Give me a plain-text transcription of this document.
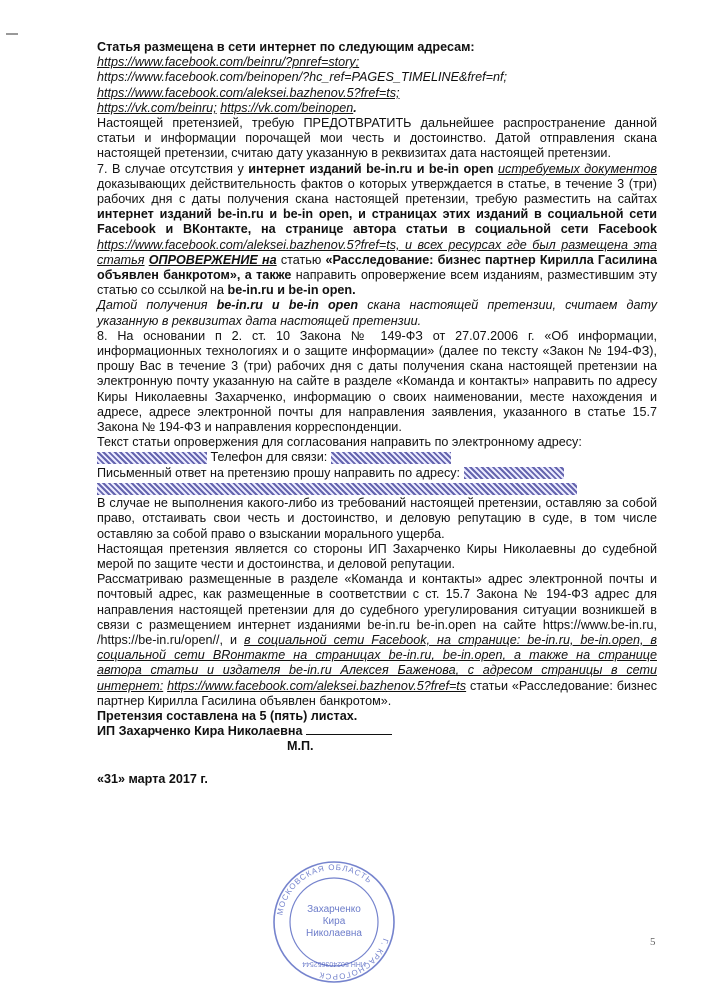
Статья размещена в сети интернет по следующим адресам:

https://www.facebook.com/beinru/?pnref=story;

https://www.facebook.com/beinopen/?hc_ref=PAGES_TIMELINE&fref=nf;

https://www.facebook.com/aleksei.bazhenov.5?fref=ts;

https://vk.com/beinru; https://vk.com/beinopen.

Настоящей претензией, требую ПРЕДОТВРАТИТЬ дальнейшее распространение данной статьи и информации порочащей мои честь и достоинство. Датой отправления скана настоящей претензии, считаю дату указанную в реквизитах дата настоящей претензии.

7. В случае отсутствия у интернет изданий be-in.ru и be-in open истребуемых документов доказывающих действительность фактов о которых утверждается в статье, в течение 3 (три) рабочих дня с даты получения скана настоящей претензии, требую разместить на сайтах интернет изданий be-in.ru и be-in open, и страницах этих изданий в социальной сети Facebook и ВКонтакте, на странице автора статьи в социальной сети Facebook https://www.facebook.com/aleksei.bazhenov.5?fref=ts, и всех ресурсах где был размещена эта статья ОПРОВЕРЖЕНИЕ на статью «Расследование: бизнес партнер Кирилла Гасилина объявлен банкротом», а также направить опровержение всем изданиям, разместившим эту статью со ссылкой на be-in.ru и be-in open.

Датой получения be-in.ru и be-in open скана настоящей претензии, считаем дату указанную в реквизитах дата настоящей претензии.

8. На основании п 2. ст. 10 Закона № 149-ФЗ от 27.07.2006 г. «Об информации, информационных технологиях и о защите информации» (далее по тексту «Закон № 194-ФЗ), прошу Вас в течение 3 (три) рабочих дня с даты получения скана настоящей претензии на электронную почту указанную на сайте в разделе «Команда и контакты» направить по адресу Киры Николаевны Захарченко, информацию о своих наименовании, месте нахождения и адресе, адресе электронной почты для направления заявления, указанного в статье 15.7 Закона № 194-ФЗ и направления корреспонденции.

Текст статьи опровержения для согласования направить по электронному адресу:

Телефон для связи:

Письменный ответ на претензию прошу направить по адресу:

В случае не выполнения какого-либо из требований настоящей претензии, оставляю за собой право, отстаивать свои честь и достоинство, и деловую репутацию в суде, в том числе оставляю за собой право о взыскании морального ущерба.

Настоящая претензия является со стороны ИП Захарченко Киры Николаевны до судебной мерой по защите чести и достоинства, и деловой репутации.

Рассматриваю размещенные в разделе «Команда и контакты» адрес электронной почты и почтовый адрес, как размещенные в соответствии с ст. 15.7 Закона № 194-ФЗ адрес для направления настоящей претензии для до судебного урегулирования ситуации возникшей в связи с размещением интернет изданиями be-in.ru be-in.open на сайте https://www.be-in.ru, /https://be-in.ru/open//, и в социальной сети Facebook, на странице: be-in.ru, be-in.open, в социальной сети ВRонтакте на страницах be-in.ru, be-in.open, а также на странице автора статьи и издателя be-in.ru Алексея Баженова, с адресом страницы в сети интернет: https://www.facebook.com/aleksei.bazhenov.5?fref=ts статьи «Расследование: бизнес партнер Кирилла Гасилина объявлен банкротом».

Претензия составлена на 5 (пять) листах.

ИП Захарченко Кира Николаевна

М.П.

«31» марта 2017 г.

МОСКОВСКАЯ ОБЛАСТЬ
Г. КРАСНОГОРСК
Захарченко
Кира
Николаевна
ИНН 502403652544
5
